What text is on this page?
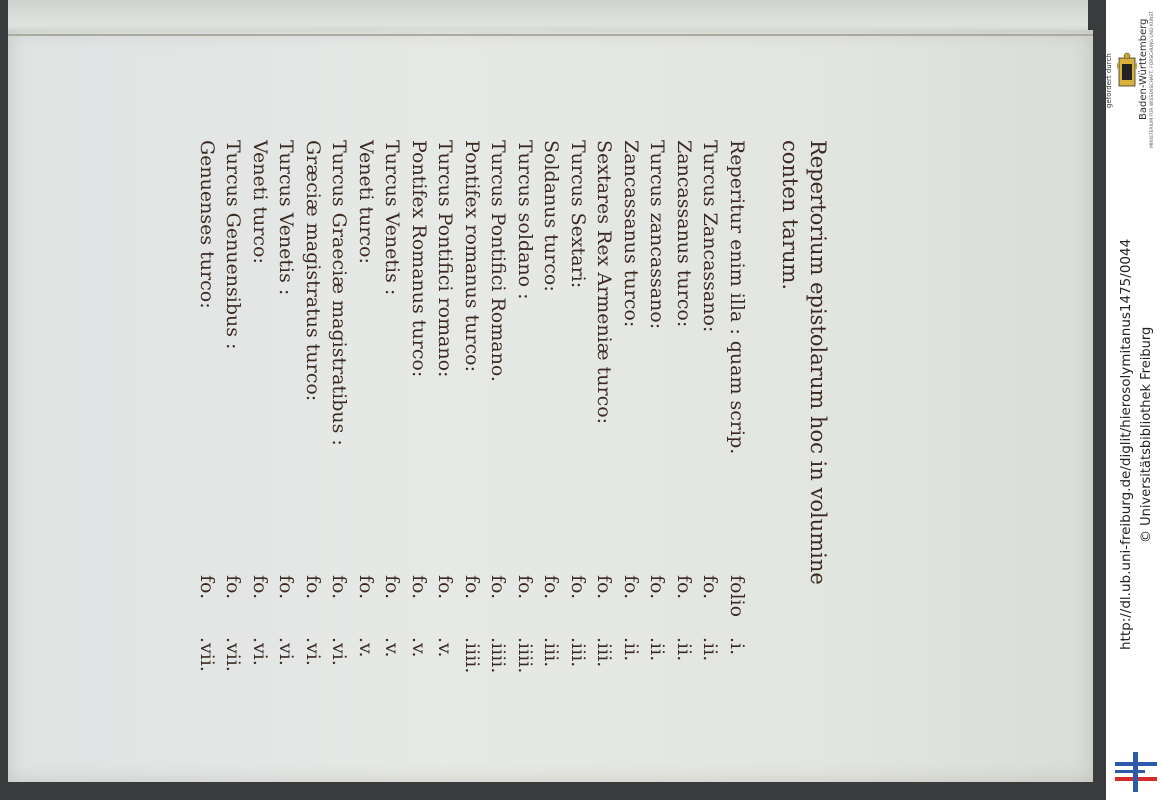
Repertorium epistolarum hoc in volumine conten tarum.
Reperitur enim illa : quam scrip.
folio
.i.
Turcus Zancassano:
fo.
.ii.
Zancassanus turco:
fo.
.ii.
Turcus zancassano:
fo.
.ii.
Zancassanus turco:
fo.
.ii.
Sextares Rex Armeniæ turco:
fo.
.iii.
Turcus Sextari:
fo.
.iii.
Soldanus turco:
fo.
.iii.
Turcus soldano :
fo.
.iiii.
Turcus Pontifici Romano.
fo.
.iiii.
Pontifex romanus turco:
fo.
.iiii.
Turcus Pontifici romano:
fo.
.v.
Pontifex Romanus turco:
fo.
.v.
Turcus Venetis :
fo.
.v.
Veneti turco:
fo.
.v.
Turcus Graeciæ magistratibus :
fo.
.vi.
Græciæ magistratus turco:
fo.
.vi.
Turcus Venetis :
fo.
.vi.
Veneti turco:
fo.
.vi.
Turcus Genuensibus :
fo.
.vii.
Genuenses turco:
fo.
.vii.
gefördert durch	Baden-Württemberg MINISTERIUM FÜR WISSENSCHAFT, FORSCHUNG UND KUNST
http://dl.ub.uni-freiburg.de/diglit/hierosolymitanus1475/0044 © Universitätsbibliothek Freiburg
